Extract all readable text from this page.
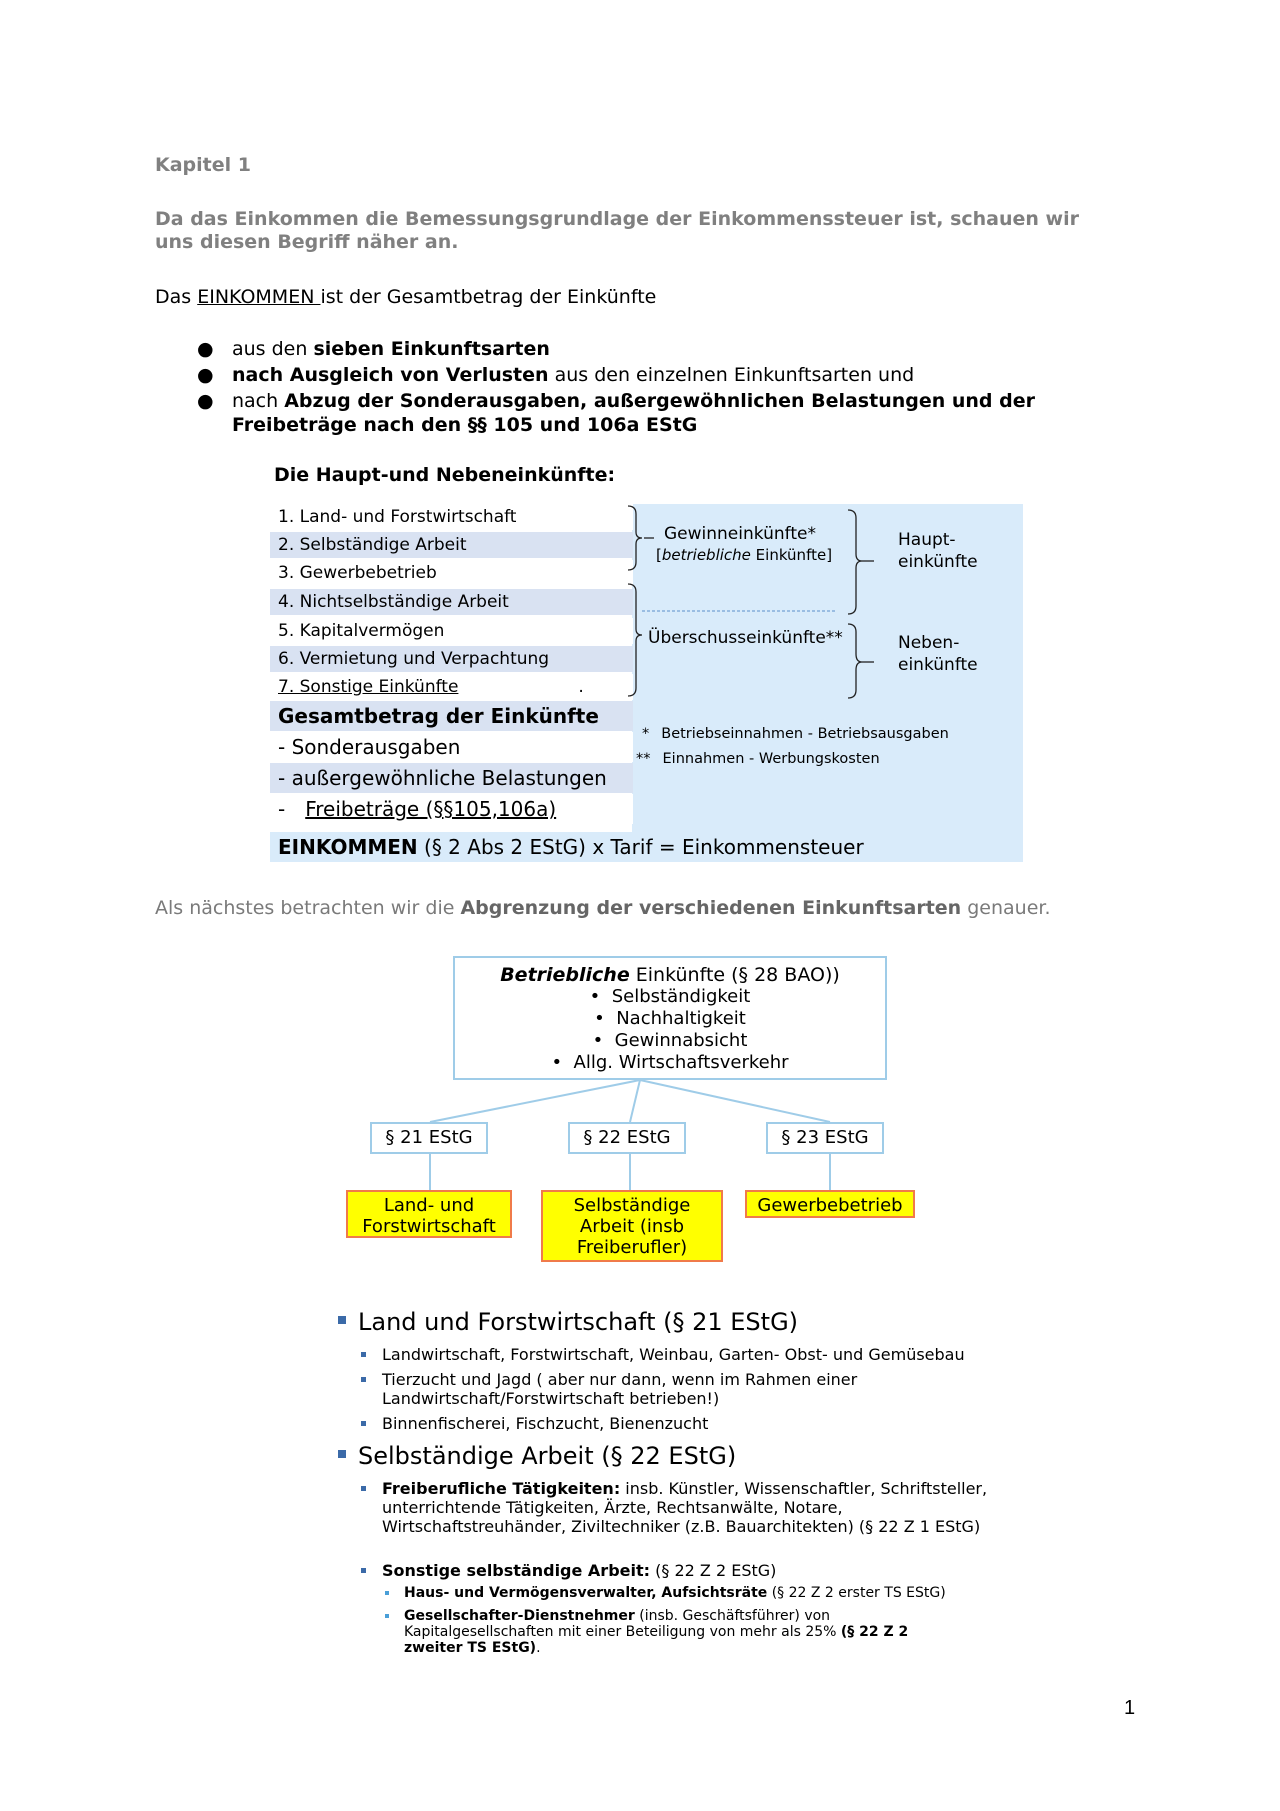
Kapitel 1
Da das Einkommen die Bemessungsgrundlage der Einkommenssteuer ist, schauen wir uns diesen Begriff näher an.
Das EINKOMMEN ist der Gesamtbetrag der Einkünfte
● aus den sieben Einkunftsarten
● nach Ausgleich von Verlusten aus den einzelnen Einkunftsarten und
● nach Abzug der Sonderausgaben, außergewöhnlichen Belastungen und der Freibeträge nach den §§ 105 und 106a EStG
Die Haupt-und Nebeneinkünfte:
1. Land- und Forstwirtschaft
2. Selbständige Arbeit
3. Gewerbebetrieb
4. Nichtselbständige Arbeit
5. Kapitalvermögen
6. Vermietung und Verpachtung
7. Sonstige Einkünfte	.
Gesamtbetrag der Einkünfte
- Sonderausgaben
- außergewöhnliche Belastungen
- Freibeträge (§§105,106a)
EINKOMMEN (§ 2 Abs 2 EStG) x Tarif = Einkommensteuer
Gewinneinkünfte*
[betriebliche Einkünfte]
Überschusseinkünfte**
Haupt-
einkünfte
Neben-
einkünfte
* Betriebseinnahmen - Betriebsausgaben
** Einnahmen - Werbungskosten
Als nächstes betrachten wir die Abgrenzung der verschiedenen Einkunftsarten genauer.
Betriebliche Einkünfte (§ 28 BAO))
•  Selbständigkeit
•  Nachhaltigkeit
•  Gewinnabsicht
•  Allg. Wirtschaftsverkehr
§ 21 EStG	§ 22 EStG	§ 23 EStG
Land- und
Forstwirtschaft
Selbständige
Arbeit (insb
Freiberufler)
Gewerbebetrieb
Land und Forstwirtschaft (§ 21 EStG)
Landwirtschaft, Forstwirtschaft, Weinbau, Garten- Obst- und Gemüsebau
Tierzucht und Jagd ( aber nur dann, wenn im Rahmen einer Landwirtschaft/Forstwirtschaft betrieben!)
Binnenfischerei, Fischzucht, Bienenzucht
Selbständige Arbeit (§ 22 EStG)
Freiberufliche Tätigkeiten: insb. Künstler, Wissenschaftler, Schriftsteller, unterrichtende Tätigkeiten, Ärzte, Rechtsanwälte, Notare, Wirtschaftstreuhänder, Ziviltechniker (z.B. Bauarchitekten) (§ 22 Z 1 EStG)
Sonstige selbständige Arbeit: (§ 22 Z 2 EStG)
Haus- und Vermögensverwalter, Aufsichtsräte (§ 22 Z 2 erster TS EStG)
Gesellschafter-Dienstnehmer (insb. Geschäftsführer) von Kapitalgesellschaften mit einer Beteiligung von mehr als 25% (§ 22 Z 2 zweiter TS EStG).
1
